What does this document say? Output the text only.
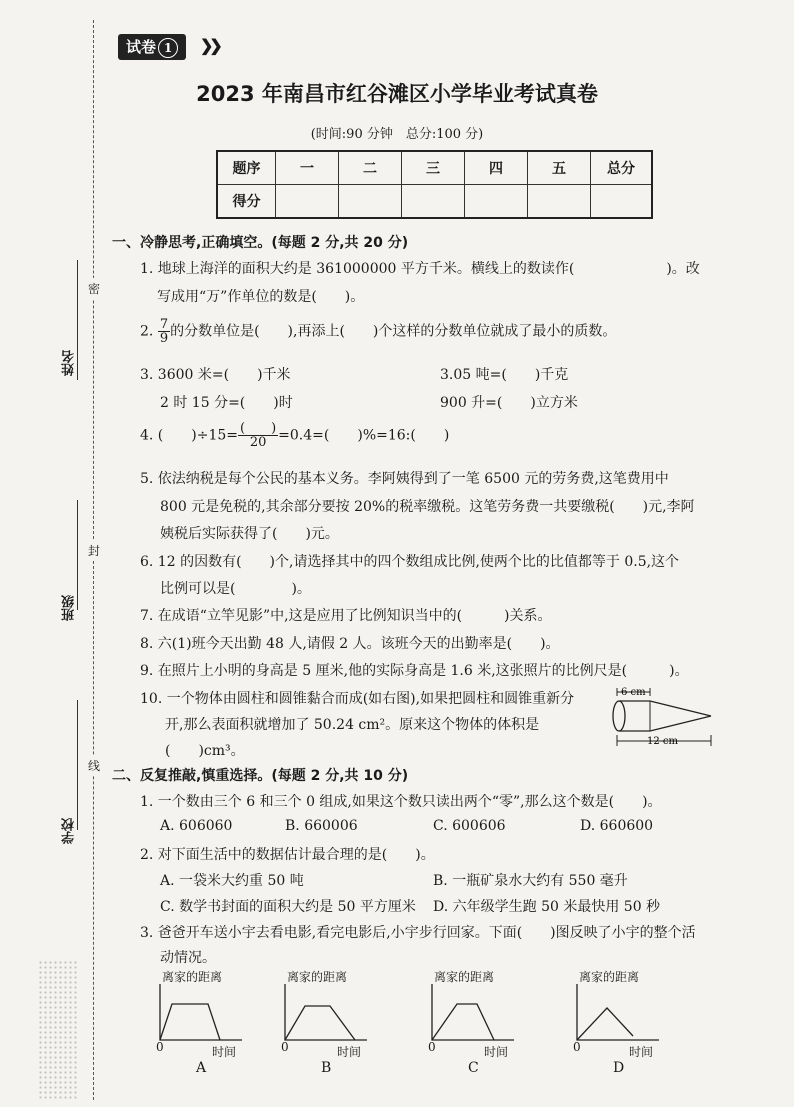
密
封
线
姓名
班级
学校
试卷 1	❯❯
2023 年南昌市红谷滩区小学毕业考试真卷
(时间:90 分钟　总分:100 分)
题序	一	二	三	四	五	总分
得分						
一、冷静思考,正确填空。(每题 2 分,共 20 分)
1. 地球上海洋的面积大约是 361000000 平方千米。横线上的数读作(	)。改
写成用“万”作单位的数是(　　)。
2. $\frac{7}{9}$ 的分数单位是(　　),再添上(　　)个这样的分数单位就成了最小的质数。
3. 3600 米=(　　)千米	3.05 吨=(　　)千克
2 时 15 分=(　　)时	900 升=(　　)立方米
4. (　　)$\div 15= \frac{( )}{20} =0.4=$(　　)%=16:(　　)
5. 依法纳税是每个公民的基本义务。李阿姨得到了一笔 6500 元的劳务费,这笔费用中
800 元是免税的,其余部分要按 20%的税率缴税。这笔劳务费一共要缴税(　　)元,李阿
姨税后实际获得了(　　)元。
6. 12 的因数有(　　)个,请选择其中的四个数组成比例,使两个比的比值都等于 0.5,这个
比例可以是(　　　　)。
7. 在成语“立竿见影”中,这是应用了比例知识当中的(　　　)关系。
8. 六(1)班今天出勤 48 人,请假 2 人。该班今天的出勤率是(　　)。
9. 在照片上小明的身高是 5 厘米,他的实际身高是 1.6 米,这张照片的比例尺是(　　　)。
10. 一个物体由圆柱和圆锥黏合而成(如右图),如果把圆柱和圆锥重新分
开,那么表面积就增加了 50.24 cm²。原来这个物体的体积是
(　　)cm³。
6 cm
12 cm
二、反复推敲,慎重选择。(每题 2 分,共 10 分)
1. 一个数由三个 6 和三个 0 组成,如果这个数只读出两个“零”,那么这个数是(　　)。
A. 606060	B. 660006	C. 600606	D. 660600
2. 对下面生活中的数据估计最合理的是(　　)。
A. 一袋米大约重 50 吨	B. 一瓶矿泉水大约有 550 毫升
C. 数学书封面的面积大约是 50 平方厘米 D. 六年级学生跑 50 米最快用 50 秒
3. 爸爸开车送小宇去看电影,看完电影后,小宇步行回家。下面(　　)图反映了小宇的整个活
动情况。
离家的距离
0	时间
A
离家的距离
0	时间
B
离家的距离
0	时间
C
离家的距离
0	时间
D
